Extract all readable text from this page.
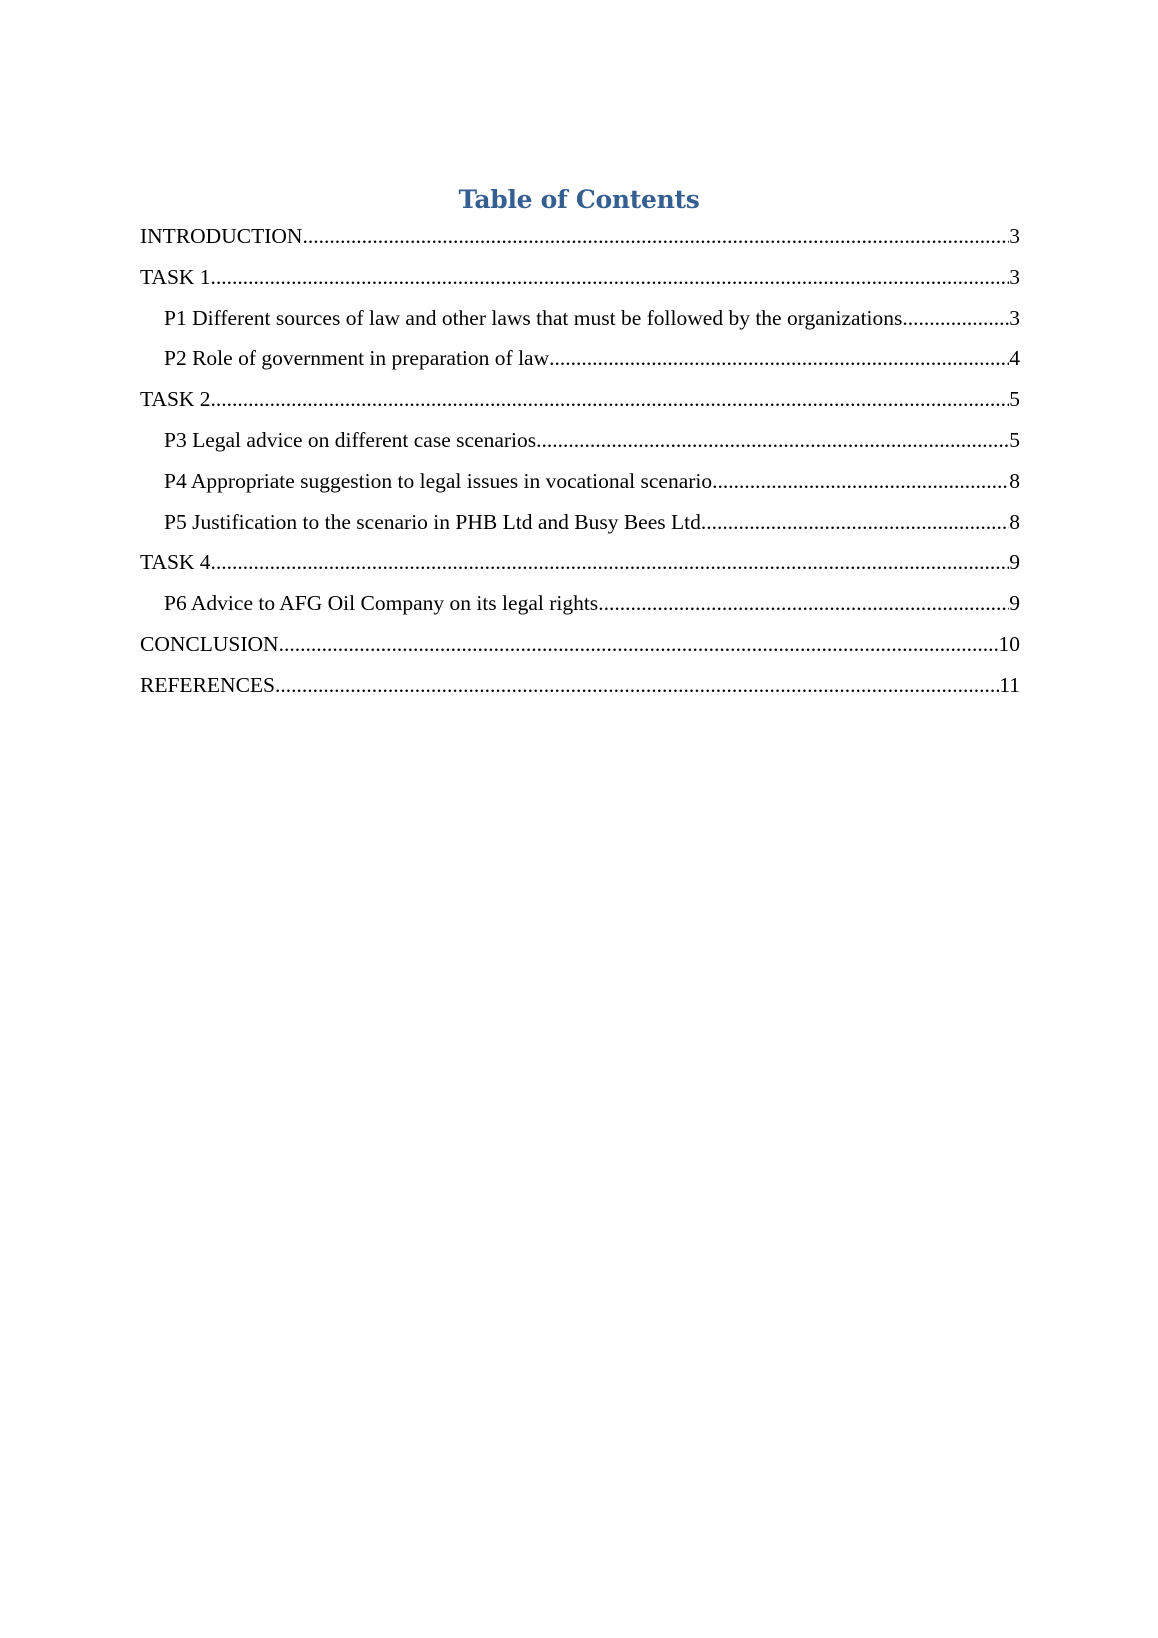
Table of Contents
INTRODUCTION .....	3
TASK 1 .....	3
P1 Different sources of law and other laws that must be followed by the organizations .....	3
P2 Role of government in preparation of law .....	4
TASK 2 .....	5
P3 Legal advice on different case scenarios .....	5
P4 Appropriate suggestion to legal issues in vocational scenario .....	8
P5 Justification to the scenario in PHB Ltd and Busy Bees Ltd .....	8
TASK 4 .....	9
P6 Advice to AFG Oil Company on its legal rights .....	9
CONCLUSION .....	10
REFERENCES .....	11
